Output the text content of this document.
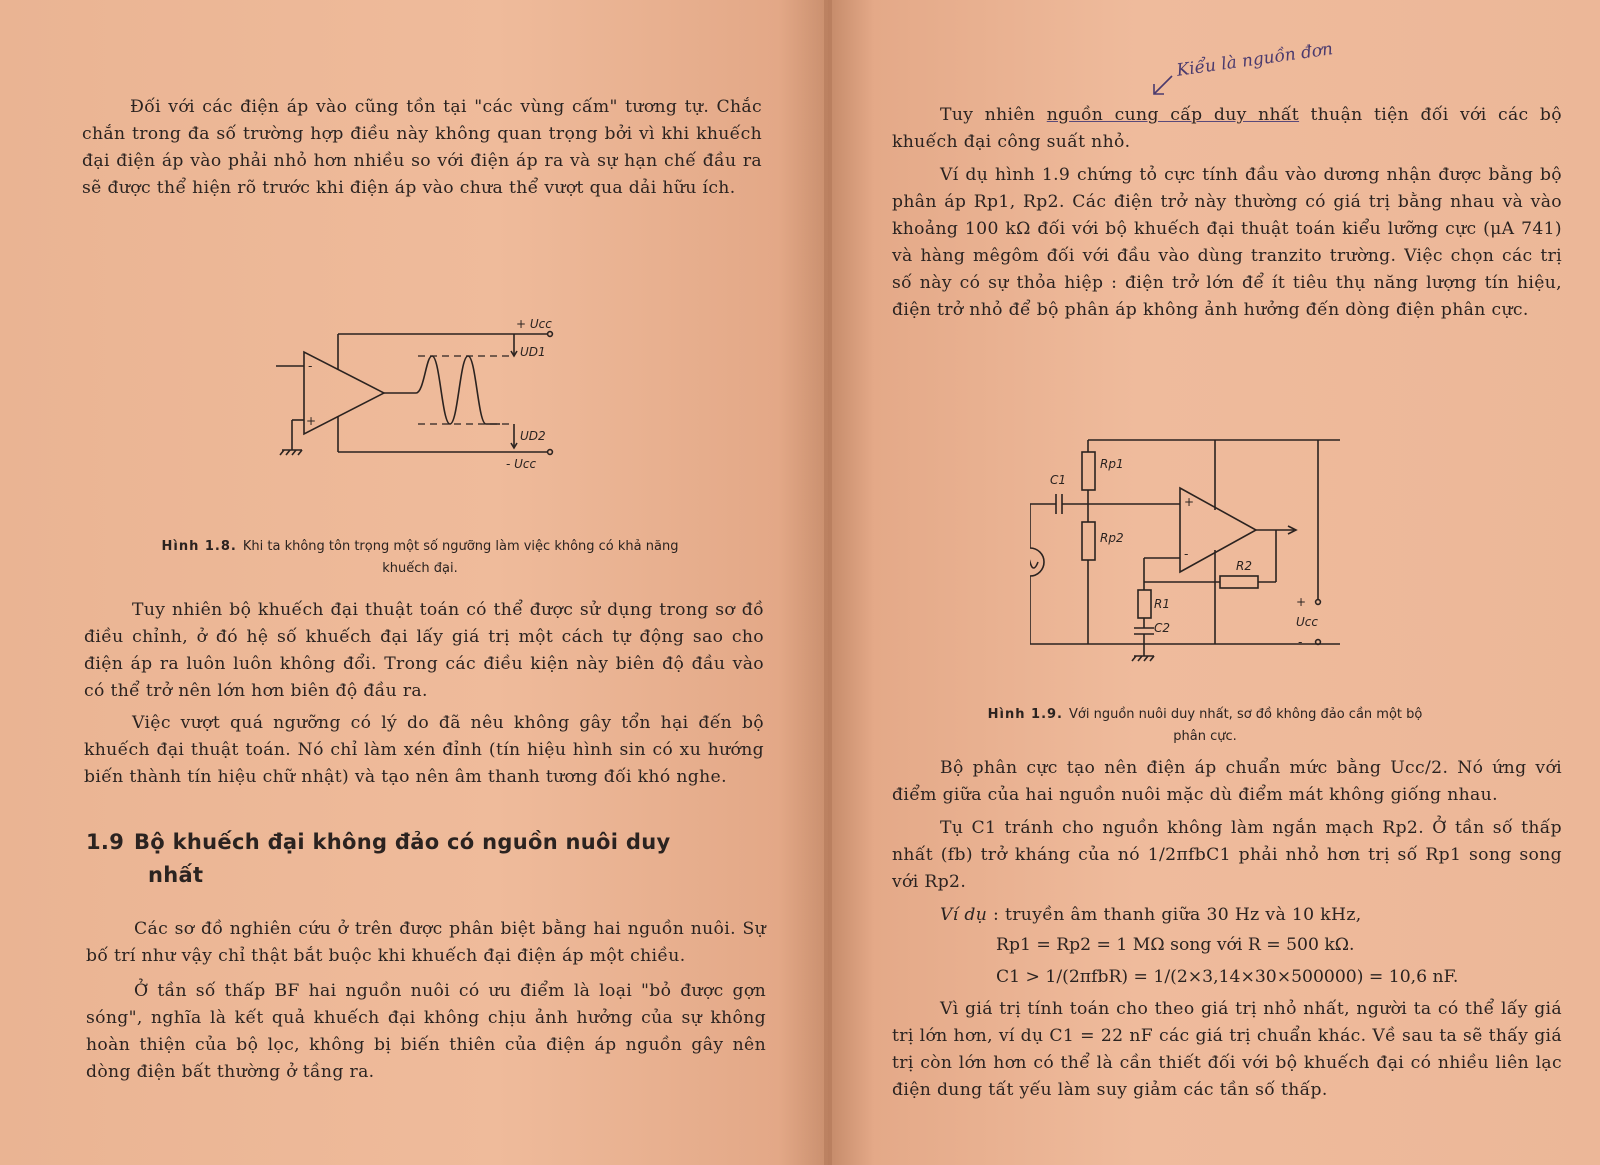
Đối với các điện áp vào cũng tồn tại "các vùng cấm" tương tự. Chắc chắn trong đa số trường hợp điều này không quan trọng bởi vì khi khuếch đại điện áp vào phải nhỏ hơn nhiều so với điện áp ra và sự hạn chế đầu ra sẽ được thể hiện rõ trước khi điện áp vào chưa thể vượt qua dải hữu ích.

+ Ucc
UD1
UD2
- Ucc
-
+

Hình 1.8. Khi ta không tôn trọng một số ngưỡng làm việc không có khả năng khuếch đại.

Tuy nhiên bộ khuếch đại thuật toán có thể được sử dụng trong sơ đồ điều chỉnh, ở đó hệ số khuếch đại lấy giá trị một cách tự động sao cho điện áp ra luôn luôn không đổi. Trong các điều kiện này biên độ đầu vào có thể trở nên lớn hơn biên độ đầu ra.

Việc vượt quá ngưỡng có lý do đã nêu không gây tổn hại đến bộ khuếch đại thuật toán. Nó chỉ làm xén đỉnh (tín hiệu hình sin có xu hướng biến thành tín hiệu chữ nhật) và tạo nên âm thanh tương đối khó nghe.

1.9 Bộ khuếch đại không đảo có nguồn nuôi duy
nhất

Các sơ đồ nghiên cứu ở trên được phân biệt bằng hai nguồn nuôi. Sự bố trí như vậy chỉ thật bắt buộc khi khuếch đại điện áp một chiều.

Ở tần số thấp BF hai nguồn nuôi có ưu điểm là loại "bỏ được gợn sóng", nghĩa là kết quả khuếch đại không chịu ảnh hưởng của sự không hoàn thiện của bộ lọc, không bị biến thiên của điện áp nguồn gây nên dòng điện bất thường ở tầng ra.

Kiểu là nguồn đơn

Tuy nhiên nguồn cung cấp duy nhất thuận tiện đối với các bộ khuếch đại công suất nhỏ.

Ví dụ hình 1.9 chứng tỏ cực tính đầu vào dương nhận được bằng bộ phân áp Rp1, Rp2. Các điện trở này thường có giá trị bằng nhau và vào khoảng 100 kΩ đối với bộ khuếch đại thuật toán kiểu lưỡng cực (μA 741) và hàng mêgôm đối với đầu vào dùng tranzito trường. Việc chọn các trị số này có sự thỏa hiệp : điện trở lớn để ít tiêu thụ năng lượng tín hiệu, điện trở nhỏ để bộ phân áp không ảnh hưởng đến dòng điện phân cực.

C1
Rp1
Rp2
R1
C2
R2
+
-
+
Ucc
-

Hình 1.9. Với nguồn nuôi duy nhất, sơ đồ không đảo cần một bộ phân cực.

Bộ phân cực tạo nên điện áp chuẩn mức bằng Ucc/2. Nó ứng với điểm giữa của hai nguồn nuôi mặc dù điểm mát không giống nhau.

Tụ C1 tránh cho nguồn không làm ngắn mạch Rp2. Ở tần số thấp nhất (fb) trở kháng của nó 1/2πfbC1 phải nhỏ hơn trị số Rp1 song song với Rp2.

Ví dụ : truyền âm thanh giữa 30 Hz và 10 kHz,

Rp1 = Rp2 = 1 MΩ song với R = 500 kΩ.

C1 > 1/(2πfbR) = 1/(2×3,14×30×500000) = 10,6 nF.

Vì giá trị tính toán cho theo giá trị nhỏ nhất, người ta có thể lấy giá trị lớn hơn, ví dụ C1 = 22 nF các giá trị chuẩn khác. Về sau ta sẽ thấy giá trị còn lớn hơn có thể là cần thiết đối với bộ khuếch đại có nhiều liên lạc điện dung tất yếu làm suy giảm các tần số thấp.
